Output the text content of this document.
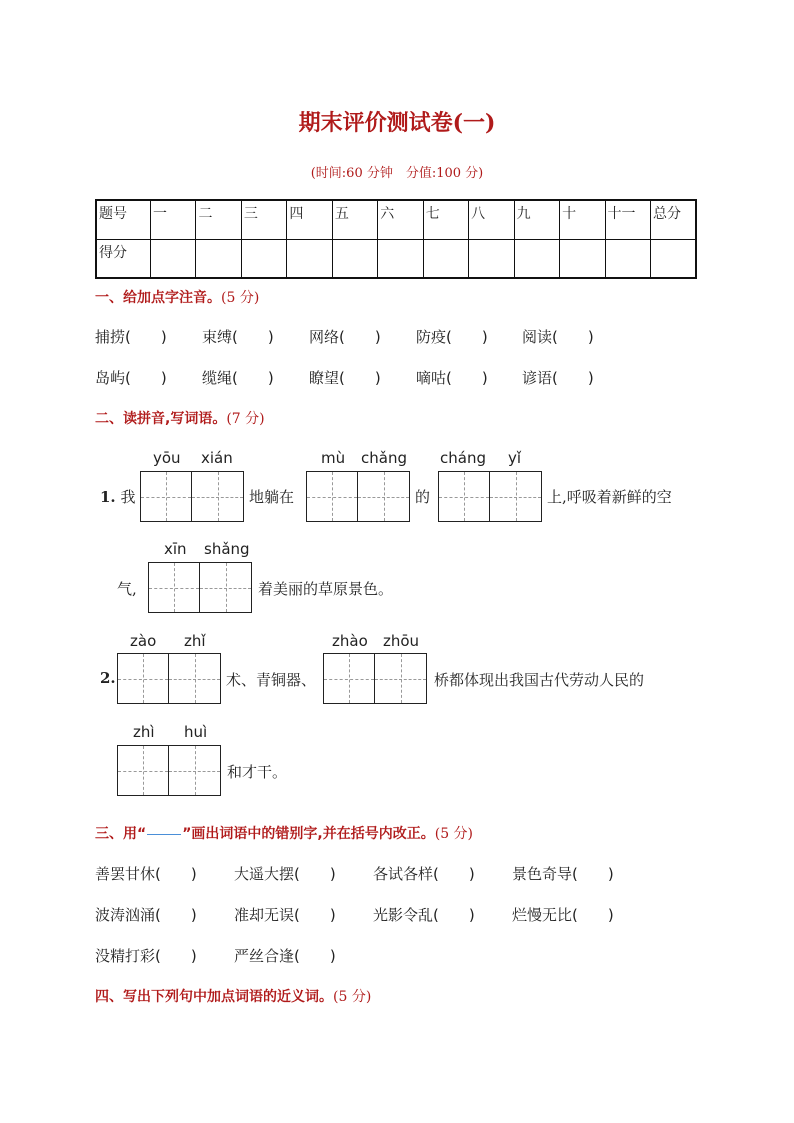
期末评价测试卷(一)
(时间:60 分钟　分值:100 分)
题号	一	二	三	四	五	六	七	八	九	十	十一	总分
得分												
一、给加点字注音。(5 分)
捕捞(　　) 束缚(　　) 网络(　　) 防疫(　　) 阅读(　　)
岛屿(　　) 缆绳(　　) 瞭望(　　) 嘀咕(　　) 谚语(　　)
二、读拼音,写词语。(7 分)
yōu xián	mù chǎng cháng yǐ
1. 我	地躺在	的	上,呼吸着新鲜的空
xīn shǎng
气,	着美丽的草原景色。
zào zhǐ	zhào zhōu
2.	术、青铜器、	桥都体现出我国古代劳动人民的
zhì huì
和才干。
三、用“	”画出词语中的错别字,并在括号内改正。(5 分)
善罢甘休(　　) 大遥大摆(　　) 各试各样(　　) 景色奇导(　　)
波涛汹涌(　　) 准却无误(　　) 光影令乱(　　) 烂慢无比(　　)
没精打彩(　　) 严丝合逢(　　)
四、写出下列句中加点词语的近义词。(5 分)
